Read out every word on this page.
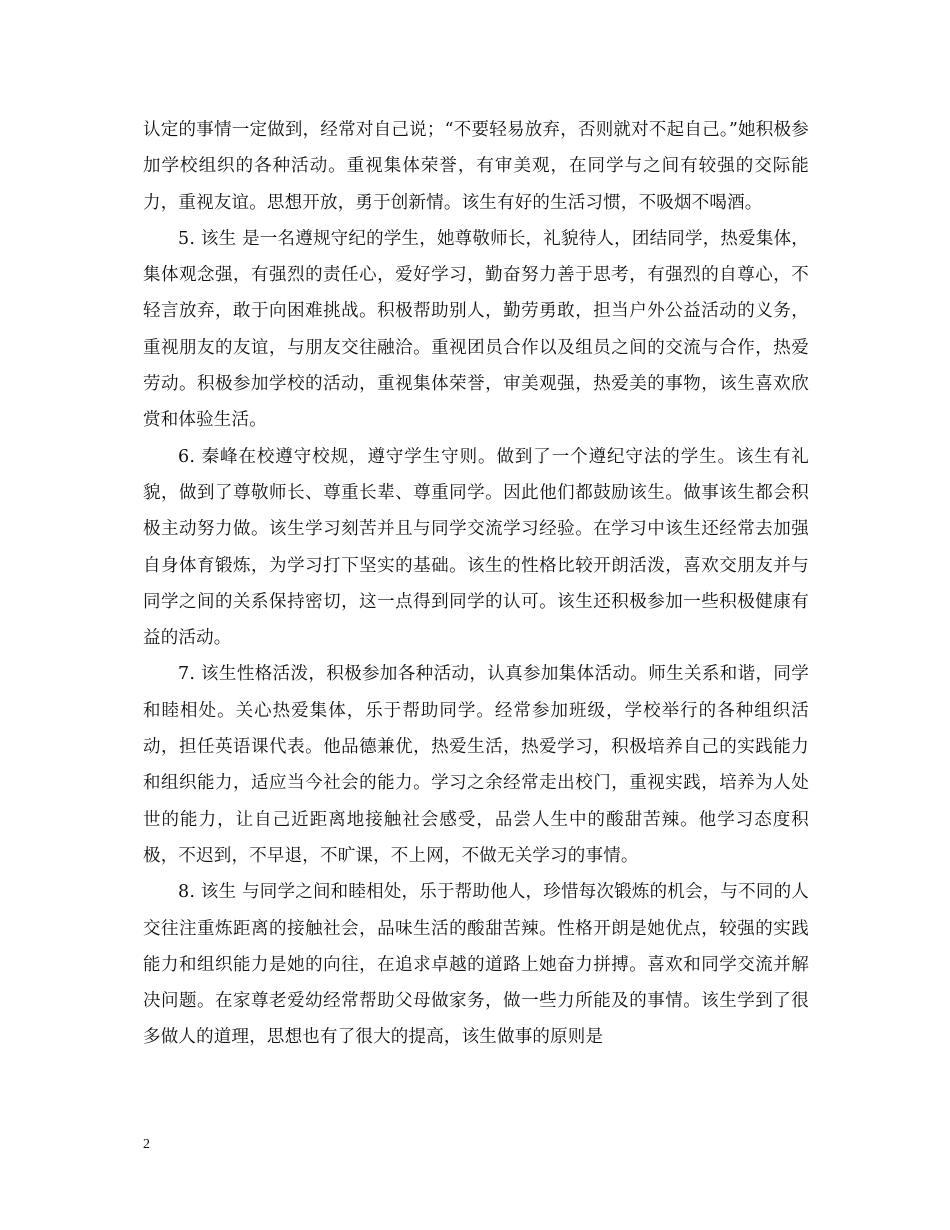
认定的事情一定做到，经常对自己说；“不要轻易放弃，否则就对不起自己。”她积极参加学校组织的各种活动。重视集体荣誉，有审美观，在同学与之间有较强的交际能力，重视友谊。思想开放，勇于创新情。该生有好的生活习惯，不吸烟不喝酒。

5. 该生 是一名遵规守纪的学生，她尊敬师长，礼貌待人，团结同学，热爱集体，集体观念强，有强烈的责任心，爱好学习，勤奋努力善于思考，有强烈的自尊心，不轻言放弃，敢于向困难挑战。积极帮助别人，勤劳勇敢，担当户外公益活动的义务，重视朋友的友谊，与朋友交往融洽。重视团员合作以及组员之间的交流与合作，热爱劳动。积极参加学校的活动，重视集体荣誉，审美观强，热爱美的事物，该生喜欢欣赏和体验生活。

6. 秦峰在校遵守校规，遵守学生守则。做到了一个遵纪守法的学生。该生有礼貌，做到了尊敬师长、尊重长辈、尊重同学。因此他们都鼓励该生。做事该生都会积极主动努力做。该生学习刻苦并且与同学交流学习经验。在学习中该生还经常去加强自身体育锻炼，为学习打下坚实的基础。该生的性格比较开朗活泼，喜欢交朋友并与同学之间的关系保持密切，这一点得到同学的认可。该生还积极参加一些积极健康有益的活动。

7. 该生性格活泼，积极参加各种活动，认真参加集体活动。师生关系和谐，同学和睦相处。关心热爱集体，乐于帮助同学。经常参加班级，学校举行的各种组织活动，担任英语课代表。他品德兼优，热爱生活，热爱学习，积极培养自己的实践能力和组织能力，适应当今社会的能力。学习之余经常走出校门，重视实践，培养为人处世的能力，让自己近距离地接触社会感受，品尝人生中的酸甜苦辣。他学习态度积极，不迟到，不早退，不旷课，不上网，不做无关学习的事情。

8. 该生 与同学之间和睦相处，乐于帮助他人，珍惜每次锻炼的机会，与不同的人交往注重炼距离的接触社会，品味生活的酸甜苦辣。性格开朗是她优点，较强的实践能力和组织能力是她的向往，在追求卓越的道路上她奋力拼搏。喜欢和同学交流并解决问题。在家尊老爱幼经常帮助父母做家务，做一些力所能及的事情。该生学到了很多做人的道理，思想也有了很大的提高，该生做事的原则是

2
